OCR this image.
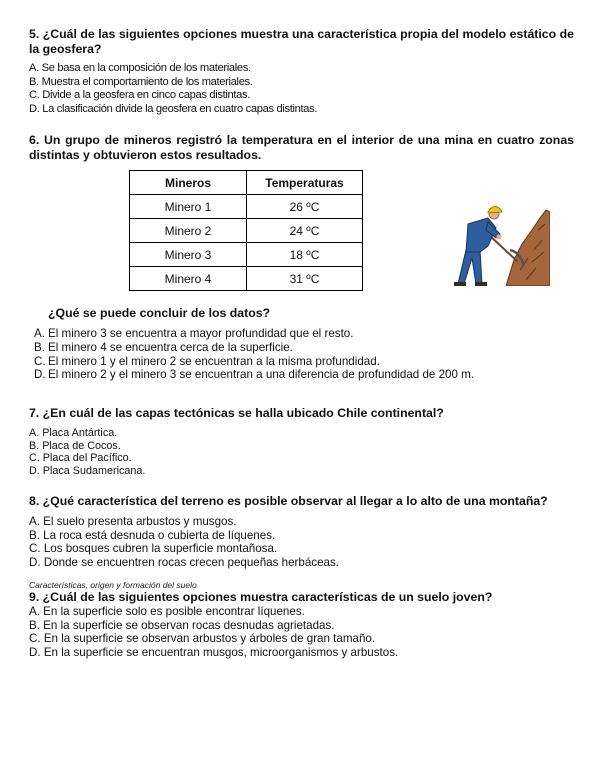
5. ¿Cuál de las siguientes opciones muestra una característica propia del modelo estático de la geosfera?
A. Se basa en la composición de los materiales.
B. Muestra el comportamiento de los materiales.
C. Divide a la geosfera en cinco capas distintas.
D. La clasificación divide la geosfera en cuatro capas distintas.
6. Un grupo de mineros registró la temperatura en el interior de una mina en cuatro zonas distintas y obtuvieron estos resultados.
Mineros	Temperaturas
Minero 1	26 ºC
Minero 2	24 ºC
Minero 3	18 ºC
Minero 4	31 ºC
¿Qué se puede concluir de los datos?
A. El minero 3 se encuentra a mayor profundidad que el resto.
B. El minero 4 se encuentra cerca de la superficie.
C. El minero 1 y el minero 2 se encuentran a la misma profundidad.
D. El minero 2 y el minero 3 se encuentran a una diferencia de profundidad de 200 m.
7. ¿En cuál de las capas tectónicas se halla ubicado Chile continental?
A. Placa Antártica.
B. Placa de Cocos.
C. Placa del Pacífico.
D. Placa Sudamericana.
8. ¿Qué característica del terreno es posible observar al llegar a lo alto de una montaña?
A. El suelo presenta arbustos y musgos.
B. La roca está desnuda o cubierta de líquenes.
C. Los bosques cubren la superficie montañosa.
D. Donde se encuentren rocas crecen pequeñas herbáceas.
Características, origen y formación del suelo
9. ¿Cuál de las siguientes opciones muestra características de un suelo joven?
A. En la superficie solo es posible encontrar líquenes.
B. En la superficie se observan rocas desnudas agrietadas.
C. En la superficie se observan arbustos y árboles de gran tamaño.
D. En la superficie se encuentran musgos, microorganismos y arbustos.
